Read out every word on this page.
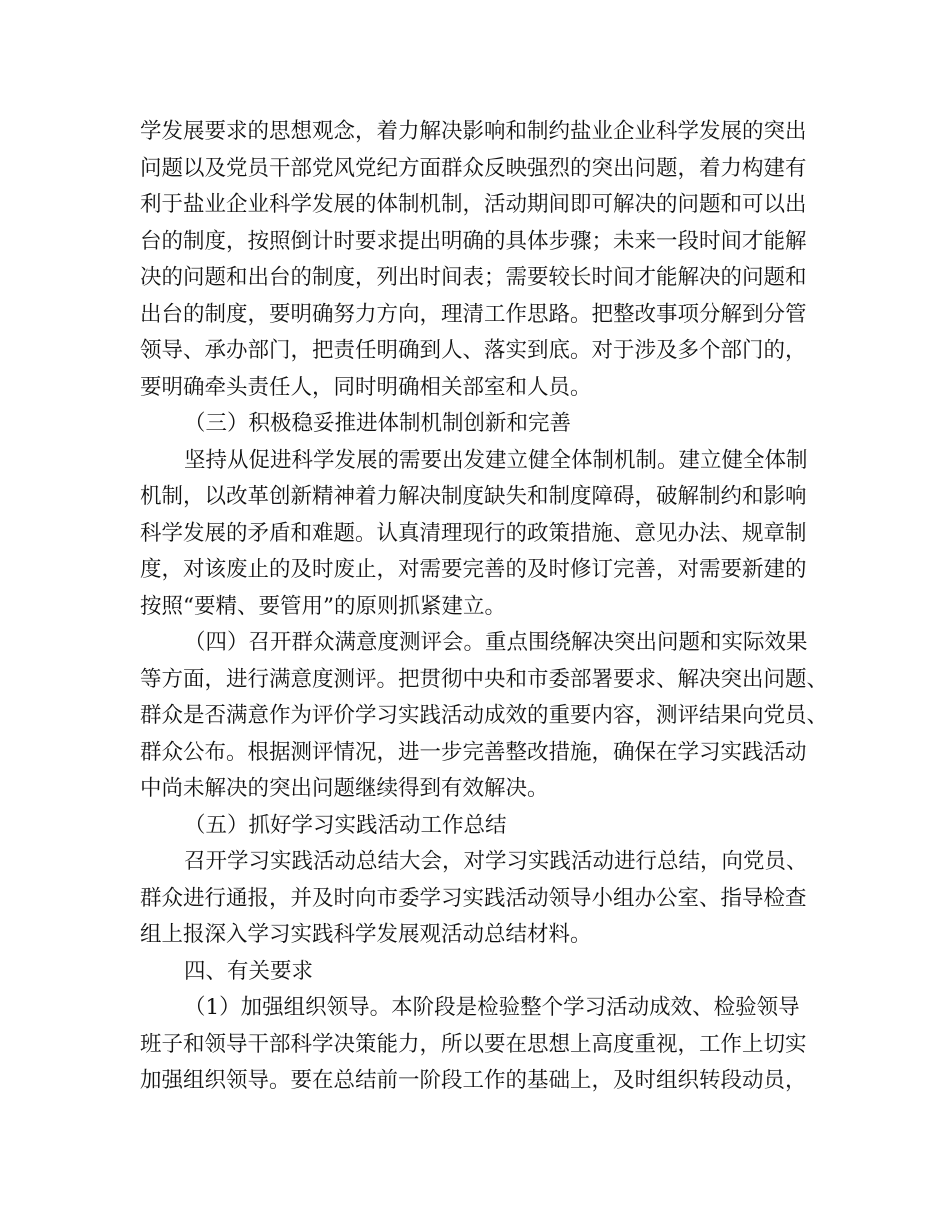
学发展要求的思想观念，着力解决影响和制约盐业企业科学发展的突出
问题以及党员干部党风党纪方面群众反映强烈的突出问题，着力构建有
利于盐业企业科学发展的体制机制，活动期间即可解决的问题和可以出
台的制度，按照倒计时要求提出明确的具体步骤；未来一段时间才能解
决的问题和出台的制度，列出时间表；需要较长时间才能解决的问题和
出台的制度，要明确努力方向，理清工作思路。把整改事项分解到分管
领导、承办部门，把责任明确到人、落实到底。对于涉及多个部门的，
要明确牵头责任人，同时明确相关部室和人员。
（三）积极稳妥推进体制机制创新和完善
坚持从促进科学发展的需要出发建立健全体制机制。建立健全体制
机制，以改革创新精神着力解决制度缺失和制度障碍，破解制约和影响
科学发展的矛盾和难题。认真清理现行的政策措施、意见办法、规章制
度，对该废止的及时废止，对需要完善的及时修订完善，对需要新建的
按照“要精、要管用”的原则抓紧建立。
（四）召开群众满意度测评会。重点围绕解决突出问题和实际效果
等方面，进行满意度测评。把贯彻中央和市委部署要求、解决突出问题、
群众是否满意作为评价学习实践活动成效的重要内容，测评结果向党员、
群众公布。根据测评情况，进一步完善整改措施，确保在学习实践活动
中尚未解决的突出问题继续得到有效解决。
（五）抓好学习实践活动工作总结
召开学习实践活动总结大会，对学习实践活动进行总结，向党员、
群众进行通报，并及时向市委学习实践活动领导小组办公室、指导检查
组上报深入学习实践科学发展观活动总结材料。
四、有关要求
（1）加强组织领导。本阶段是检验整个学习活动成效、检验领导
班子和领导干部科学决策能力，所以要在思想上高度重视，工作上切实
加强组织领导。要在总结前一阶段工作的基础上，及时组织转段动员，
